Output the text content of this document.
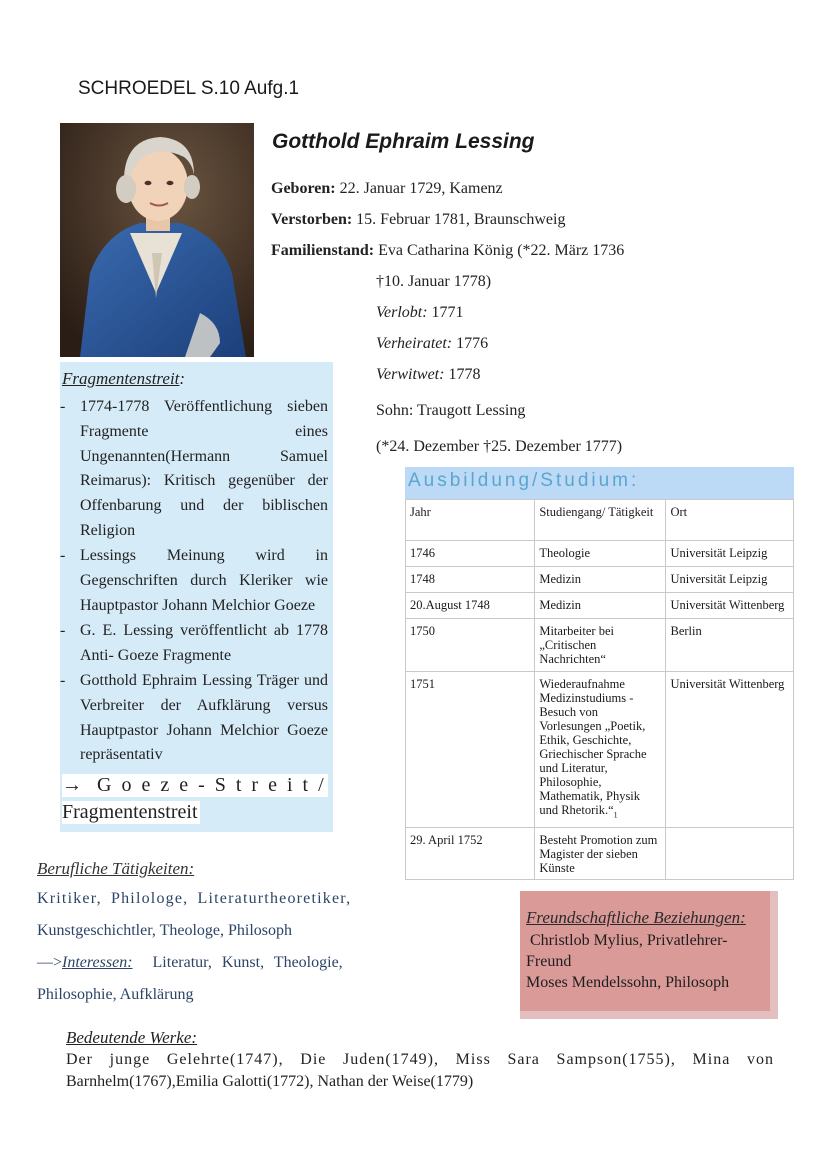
SCHROEDEL S.10 Aufg.1
Gotthold Ephraim Lessing
Geboren: 22. Januar 1729, Kamenz
Verstorben: 15. Februar 1781, Braunschweig
Familienstand: Eva Catharina König (*22. März 1736
†10. Januar 1778)
Verlobt: 1771
Verheiratet: 1776
Verwitwet: 1778
Sohn: Traugott Lessing
(*24. Dezember †25. Dezember 1777)
Fragmentenstreit:
- 1774-1778 Veröffentlichung sieben Fragmente eines Ungenannten(Hermann Samuel Reimarus): Kritisch gegenüber der Offenbarung und der biblischen Religion
- Lessings Meinung wird in Gegenschriften durch Kleriker wie Hauptpastor Johann Melchior Goeze
- G. E. Lessing veröffentlicht ab 1778 Anti- Goeze Fragmente
- Gotthold Ephraim Lessing Träger und Verbreiter der Aufklärung versus Hauptpastor Johann Melchior Goeze repräsentativ
→ Goeze-Streit/
Fragmentenstreit
Ausbildung/Studium:
Jahr	Studiengang/ Tätigkeit	Ort
1746	Theologie	Universität Leipzig
1748	Medizin	Universität Leipzig
20.August 1748	Medizin	Universität Wittenberg
1750	Mitarbeiter bei „Critischen Nachrichten“	Berlin
1751	Wiederaufnahme Medizinstudiums -Besuch von Vorlesungen „Poetik, Ethik, Geschichte, Griechischer Sprache und Literatur, Philosophie, Mathematik, Physik und $Rhetorik.“_1$	Universität Wittenberg
29. April 1752	Besteht Promotion zum Magister der sieben Künste	
Berufliche Tätigkeiten:
Kritiker, Philologe, Literaturtheoretiker,
Kunstgeschichtler, Theologe, Philosoph
—>Interessen: Literatur, Kunst, Theologie,
Philosophie, Aufklärung
Freundschaftliche Beziehungen:
Christlob Mylius, Privatlehrer-
Freund
Moses Mendelssohn, Philosoph
Bedeutende Werke:
Der junge Gelehrte(1747), Die Juden(1749), Miss Sara Sampson(1755), Mina von
Barnhelm(1767),Emilia Galotti(1772), Nathan der Weise(1779)
